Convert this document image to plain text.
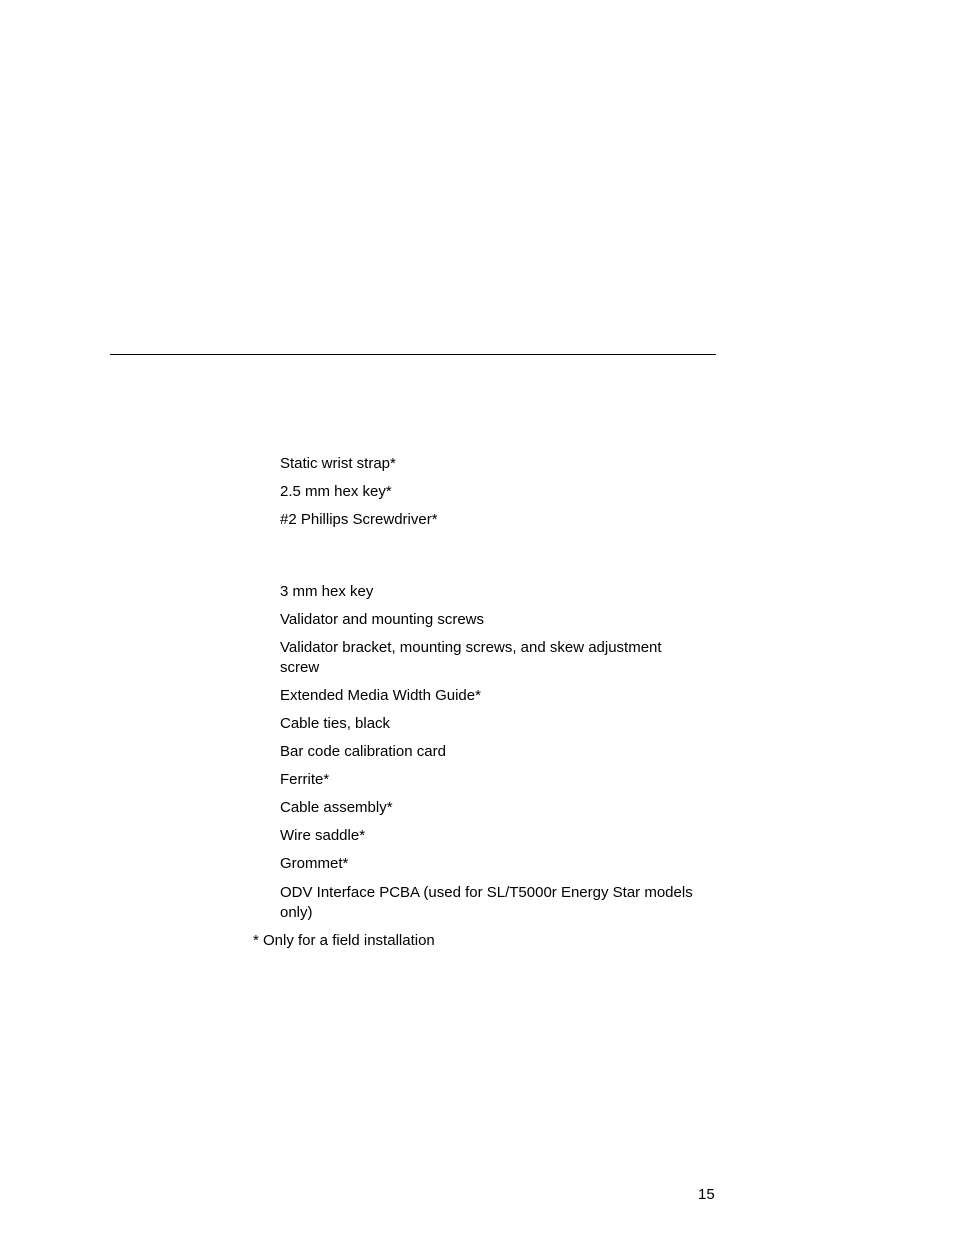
Static wrist strap*
2.5 mm hex key*
#2 Phillips Screwdriver*
3 mm hex key
Validator and mounting screws
Validator bracket, mounting screws, and skew adjustment screw
Extended Media Width Guide*
Cable ties, black
Bar code calibration card
Ferrite*
Cable assembly*
Wire saddle*
Grommet*
ODV Interface PCBA (used for SL/T5000r Energy Star models only)
* Only for a field installation
15
